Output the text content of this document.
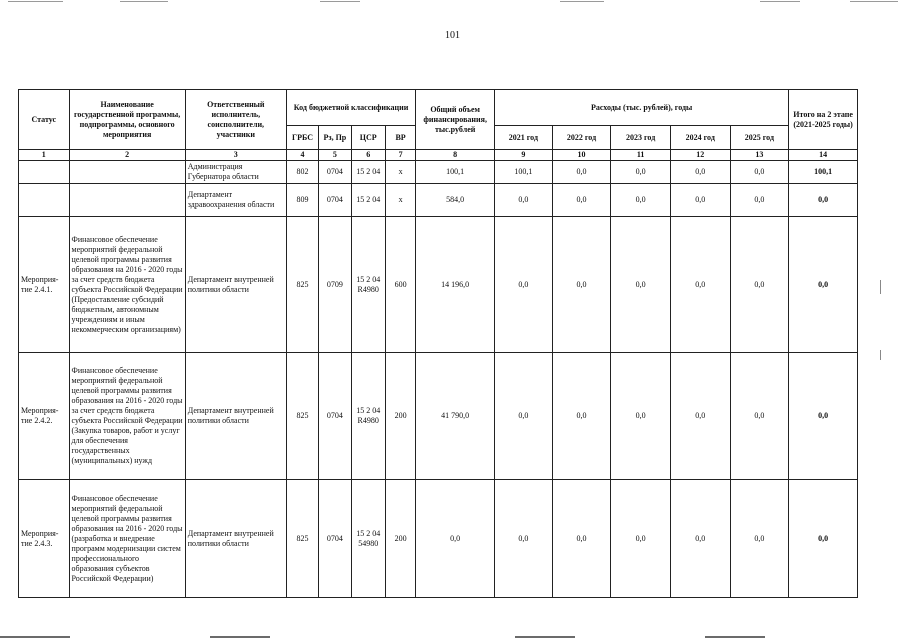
101
Статус	Наименование государственной программы, подпрограммы, основного мероприятия	Ответственный исполнитель, соисполнители, участники	Код бюджетной классификации				Общий объем финансирования, тыс.рублей	Расходы (тыс. рублей), годы					Итого на 2 этапе (2021-2025 годы)
			ГРБС	Рз, Пр	ЦСР	ВР		2021 год	2022 год	2023 год	2024 год	2025 год	
1	2	3	4	5	6	7	8	9	10	11	12	13	14
		Администрация Губернатора области	802	0704	15 2 04	х	100,1	100,1	0,0	0,0	0,0	0,0	100,1
		Департамент здравоохранения области	809	0704	15 2 04	х	584,0	0,0	0,0	0,0	0,0	0,0	0,0
Мероприя-тие 2.4.1.	Финансовое обеспечение мероприятий федеральной целевой программы развития образования на 2016 - 2020 годы за счет средств бюджета субъекта Российской Федерации (Предоставление субсидий бюджетным, автономным учреждениям и иным некоммерческим организациям)	Департамент внутренней политики области	825	0709	15 2 04 R4980	600	14 196,0	0,0	0,0	0,0	0,0	0,0	0,0
Мероприя-тие 2.4.2.	Финансовое обеспечение мероприятий федеральной целевой программы развития образования на 2016 - 2020 годы за счет средств бюджета субъекта Российской Федерации (Закупка товаров, работ и услуг для обеспечения государственных (муниципальных) нужд	Департамент внутренней политики области	825	0704	15 2 04 R4980	200	41 790,0	0,0	0,0	0,0	0,0	0,0	0,0
Мероприя-тие 2.4.3.	Финансовое обеспечение мероприятий федеральной целевой программы развития образования на 2016 - 2020 годы (разработка и внедрение программ модернизации систем профессионального образования субъектов Российской Федерации)	Департамент внутренней политики области	825	0704	15 2 04 54980	200	0,0	0,0	0,0	0,0	0,0	0,0	0,0
